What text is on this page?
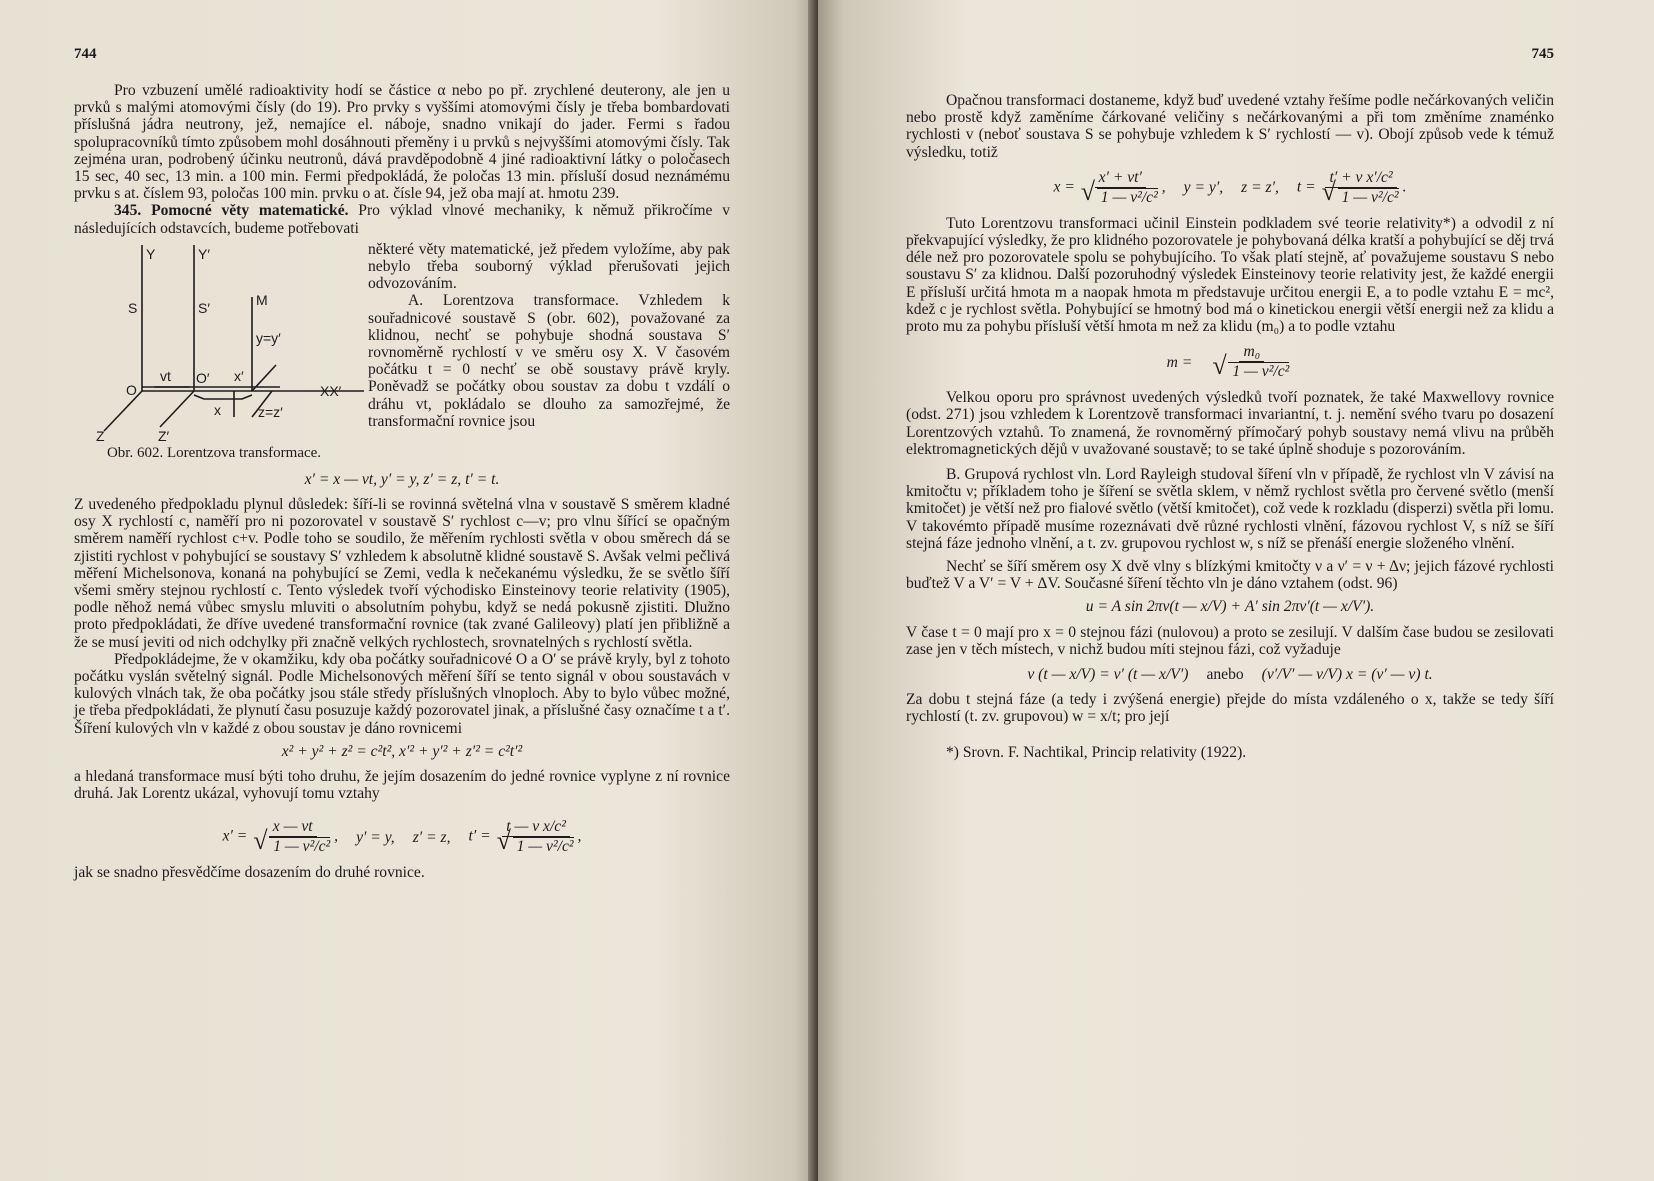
744

Pro vzbuzení umělé radioaktivity hodí se částice α nebo po př. zrychlené deuterony, ale jen u prvků s malými atomovými čísly (do 19). Pro prvky s vyššími atomovými čísly je třeba bombardovati příslušná jádra neutrony, jež, nemajíce el. náboje, snadno vnikají do jader. Fermi s řadou spolupracovníků tímto způsobem mohl dosáhnouti přeměny i u prvků s nejvyššími atomovými čísly. Tak zejména uran, podrobený účinku neutronů, dává pravděpodobně 4 jiné radioaktivní látky o poločasech 15 sec, 40 sec, 13 min. a 100 min. Fermi předpokládá, že poločas 13 min. přísluší dosud neznámému prvku s at. číslem 93, poločas 100 min. prvku o at. čísle 94, jež oba mají at. hmotu 239.

345. Pomocné věty matematické. Pro výklad vlnové mechaniky, k němuž přikročíme v následujících odstavcích, budeme potřebovati

Y	Y′
S	S′	M
y=y′
O
vt O′ x′
XX′
x	z=z′
Z	Z′

některé věty matematické, jež předem vyložíme, aby pak nebylo třeba souborný výklad přerušovati jejich odvozováním.

A. Lorentzova transformace. Vzhledem k souřadnicové soustavě S (obr. 602), považované za klidnou, nechť se pohybuje shodná soustava S′ rovnoměrně rychlostí v ve směru osy X. V časovém počátku t = 0 nechť se obě soustavy právě kryly. Poněvadž se počátky obou soustav za dobu t vzdálí o dráhu vt, pokládalo se dlouho za samozřejmé, že transformační rovnice jsou

Obr. 602. Lorentzova transformace.
x′ = x — vt, y′ = y, z′ = z, t′ = t.

Z uvedeného předpokladu plynul důsledek: šíří-li se rovinná světelná vlna v soustavě S směrem kladné osy X rychlostí c, naměří pro ni pozorovatel v soustavě S′ rychlost c—v; pro vlnu šířící se opačným směrem naměří rychlost c+v. Podle toho se soudilo, že měřením rychlosti světla v obou směrech dá se zjistiti rychlost v pohybující se soustavy S′ vzhledem k absolutně klidné soustavě S. Avšak velmi pečlivá měření Michelsonova, konaná na pohybující se Zemi, vedla k nečekanému výsledku, že se světlo šíří všemi směry stejnou rychlostí c. Tento výsledek tvoří východisko Einsteinovy teorie relativity (1905), podle něhož nemá vůbec smyslu mluviti o absolutním pohybu, když se nedá pokusně zjistiti. Dlužno proto předpokládati, že dříve uvedené transformační rovnice (tak zvané Galileovy) platí jen přibližně a že se musí jeviti od nich odchylky při značně velkých rychlostech, srovnatelných s rychlostí světla.

Předpokládejme, že v okamžiku, kdy oba počátky souřadnicové O a O′ se právě kryly, byl z tohoto počátku vyslán světelný signál. Podle Michelsonových měření šíří se tento signál v obou soustavách v kulových vlnách tak, že oba počátky jsou stále středy příslušných vlnoploch. Aby to bylo vůbec možné, je třeba předpokládati, že plynutí času posuzuje každý pozorovatel jinak, a příslušné časy označíme t a t′. Šíření kulových vln v každé z obou soustav je dáno rovnicemi

x² + y² + z² = c²t², x′² + y′² + z′² = c²t′²

a hledaná transformace musí býti toho druhu, že jejím dosazením do jedné rovnice vyplyne z ní rovnice druhá. Jak Lorentz ukázal, vyhovují tomu vztahy

x′ = x — vt
√ 1 — v²/c² , y′ = y, z′ = z, t′ = t — v x/c²
√ 1 — v²/c² ,

jak se snadno přesvědčíme dosazením do druhé rovnice.

745

Opačnou transformaci dostaneme, když buď uvedené vztahy řešíme podle nečárkovaných veličin nebo prostě když zaměníme čárkované veličiny s nečárkovanými a při tom změníme znaménko rychlosti v (neboť soustava S se pohybuje vzhledem k S′ rychlostí — v). Obojí způsob vede k témuž výsledku, totiž

x = x′ + vt′
√ 1 — v²/c² , y = y′, z = z′, t = t′ + v x′/c²
√ 1 — v²/c² .

Tuto Lorentzovu transformaci učinil Einstein podkladem své teorie relativity*) a odvodil z ní překvapující výsledky, že pro klidného pozorovatele je pohybovaná délka kratší a pohybující se děj trvá déle než pro pozorovatele spolu se pohybujícího. To však platí stejně, ať považujeme soustavu S nebo soustavu S′ za klidnou. Další pozoruhodný výsledek Einsteinovy teorie relativity jest, že každé energii E přísluší určitá hmota m a naopak hmota m představuje určitou energii E, a to podle vztahu E = mc², kdež c je rychlost světla. Pohybující se hmotný bod má o kinetickou energii větší energii než za klidu a proto mu za pohybu přísluší větší hmota m než za klidu (m₀) a to podle vztahu

m = m₀
√ 1 — v²/c²

Velkou oporu pro správnost uvedených výsledků tvoří poznatek, že také Maxwellovy rovnice (odst. 271) jsou vzhledem k Lorentzově transformaci invariantní, t. j. nemění svého tvaru po dosazení Lorentzových vztahů. To znamená, že rovnoměrný přímočarý pohyb soustavy nemá vlivu na průběh elektromagnetických dějů v uvažované soustavě; to se také úplně shoduje s pozorováním.

B. Grupová rychlost vln. Lord Rayleigh studoval šíření vln v případě, že rychlost vln V závisí na kmitočtu ν; příkladem toho je šíření se světla sklem, v němž rychlost světla pro červené světlo (menší kmitočet) je větší než pro fialové světlo (větší kmitočet), což vede k rozkladu (disperzi) světla při lomu. V takovémto případě musíme rozeznávati dvě různé rychlosti vlnění, fázovou rychlost V, s níž se šíří stejná fáze jednoho vlnění, a t. zv. grupovou rychlost w, s níž se přenáší energie složeného vlnění.

Nechť se šíří směrem osy X dvě vlny s blízkými kmitočty ν a ν′ = ν + Δν; jejich fázové rychlosti buďtež V a V′ = V + ΔV. Současné šíření těchto vln je dáno vztahem (odst. 96)

u = A sin 2πν(t — x/V) + A′ sin 2πν′(t — x/V′).

V čase t = 0 mají pro x = 0 stejnou fázi (nulovou) a proto se zesilují. V dalším čase budou se zesilovati zase jen v těch místech, v nichž budou míti stejnou fázi, což vyžaduje

ν (t — x/V) = ν′ (t — x/V′) anebo (ν′/V′ — ν/V) x = (ν′ — ν) t.

Za dobu t stejná fáze (a tedy i zvýšená energie) přejde do místa vzdáleného o x, takže se tedy šíří rychlostí (t. zv. grupovou) w = x/t; pro její

*) Srovn. F. Nachtikal, Princip relativity (1922).
